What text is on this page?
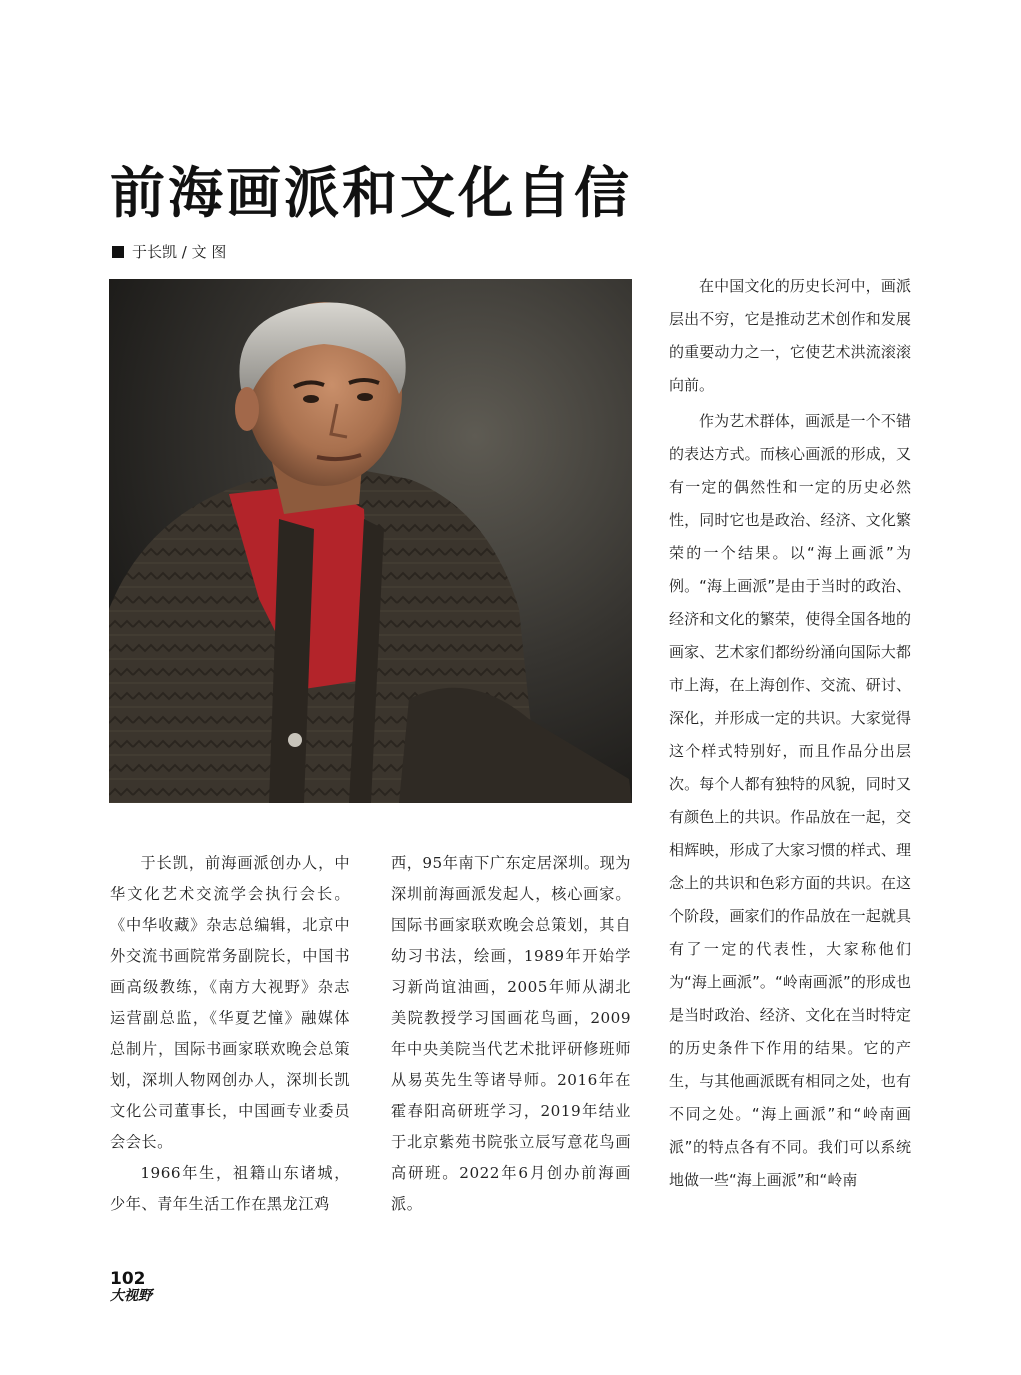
前海画派和文化自信
于长凯 / 文 图

于长凯，前海画派创办人，中华文化艺术交流学会执行会长。《中华收藏》杂志总编辑，北京中外交流书画院常务副院长，中国书画高级教练，《南方大视野》杂志运营副总监，《华夏艺憧》融媒体总制片，国际书画家联欢晚会总策划，深圳人物网创办人，深圳长凯文化公司董事长，中国画专业委员会会长。

1966年生，祖籍山东诸城，少年、青年生活工作在黑龙江鸡

西，95年南下广东定居深圳。现为深圳前海画派发起人，核心画家。国际书画家联欢晚会总策划，其自幼习书法，绘画，1989年开始学习新尚谊油画，2005年师从湖北美院教授学习国画花鸟画，2009年中央美院当代艺术批评研修班师从易英先生等诸导师。2016年在霍春阳高研班学习，2019年结业于北京紫苑书院张立辰写意花鸟画高研班。2022年6月创办前海画派。

在中国文化的历史长河中，画派层出不穷，它是推动艺术创作和发展的重要动力之一，它使艺术洪流滚滚向前。

作为艺术群体，画派是一个不错的表达方式。而核心画派的形成，又有一定的偶然性和一定的历史必然性，同时它也是政治、经济、文化繁荣的一个结果。以“海上画派”为例。“海上画派”是由于当时的政治、经济和文化的繁荣，使得全国各地的画家、艺术家们都纷纷涌向国际大都市上海，在上海创作、交流、研讨、深化，并形成一定的共识。大家觉得这个样式特别好，而且作品分出层次。每个人都有独特的风貌，同时又有颜色上的共识。作品放在一起，交相辉映，形成了大家习惯的样式、理念上的共识和色彩方面的共识。在这个阶段，画家们的作品放在一起就具有了一定的代表性，大家称他们为“海上画派”。“岭南画派”的形成也是当时政治、经济、文化在当时特定的历史条件下作用的结果。它的产生，与其他画派既有相同之处，也有不同之处。“海上画派”和“岭南画派”的特点各有不同。我们可以系统地做一些“海上画派”和“岭南

102
大视野
